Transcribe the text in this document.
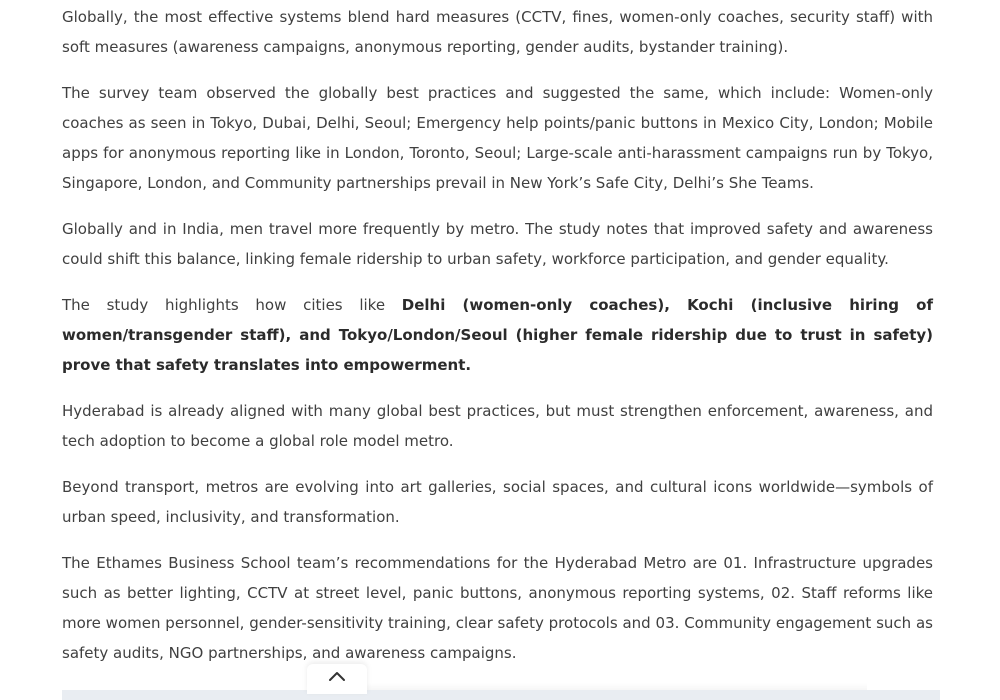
Globally, the most effective systems blend hard measures (CCTV, fines, women-only coaches, security staff) with soft measures (awareness campaigns, anonymous reporting, gender audits, bystander training).

The survey team observed the globally best practices and suggested the same, which include: Women-only coaches as seen in Tokyo, Dubai, Delhi, Seoul; Emergency help points/panic buttons in Mexico City, London; Mobile apps for anonymous reporting like in London, Toronto, Seoul; Large-scale anti-harassment campaigns run by Tokyo, Singapore, London, and Community partnerships prevail in New York’s Safe City, Delhi’s She Teams.

Globally and in India, men travel more frequently by metro. The study notes that improved safety and awareness could shift this balance, linking female ridership to urban safety, workforce participation, and gender equality.

The study highlights how cities like Delhi (women-only coaches), Kochi (inclusive hiring of women/transgender staff), and Tokyo/London/Seoul (higher female ridership due to trust in safety) prove that safety translates into empowerment.

Hyderabad is already aligned with many global best practices, but must strengthen enforcement, awareness, and tech adoption to become a global role model metro.

Beyond transport, metros are evolving into art galleries, social spaces, and cultural icons worldwide—symbols of urban speed, inclusivity, and transformation.

The Ethames Business School team’s recommendations for the Hyderabad Metro are 01. Infrastructure upgrades such as better lighting, CCTV at street level, panic buttons, anonymous reporting systems, 02. Staff reforms like more women personnel, gender-sensitivity training, clear safety protocols and 03. Community engagement such as safety audits, NGO partnerships, and awareness campaigns.
